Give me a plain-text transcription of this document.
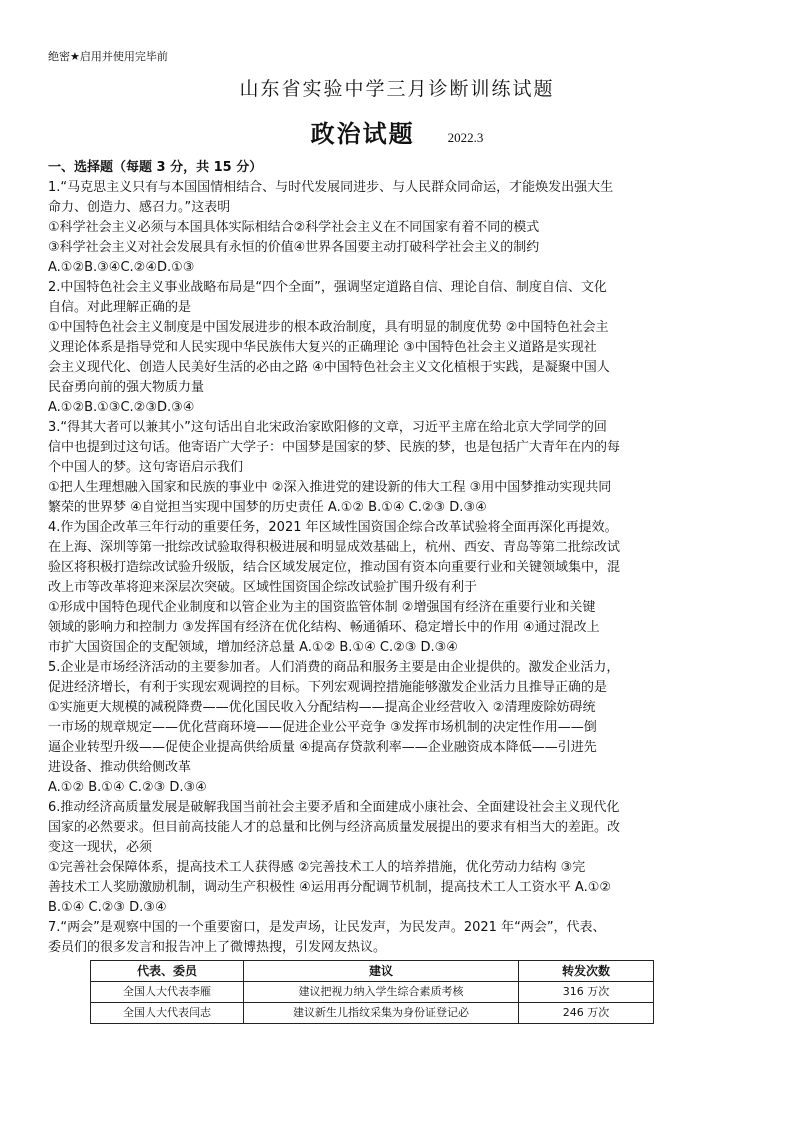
绝密★启用并使用完毕前
山东省实验中学三月诊断训练试题
政治试题	2022.3

一、选择题（每题 3 分，共 15 分）

1.“马克思主义只有与本国国情相结合、与时代发展同进步、与人民群众同命运，才能焕发出强大生

命力、创造力、感召力。”这表明

①科学社会主义必须与本国具体实际相结合②科学社会主义在不同国家有着不同的模式

③科学社会主义对社会发展具有永恒的价值④世界各国要主动打破科学社会主义的制约

A.①②B.③④C.②④D.①③

2.中国特色社会主义事业战略布局是“四个全面”，强调坚定道路自信、理论自信、制度自信、文化

自信。对此理解正确的是

①中国特色社会主义制度是中国发展进步的根本政治制度，具有明显的制度优势 ②中国特色社会主

义理论体系是指导党和人民实现中华民族伟大复兴的正确理论 ③中国特色社会主义道路是实现社

会主义现代化、创造人民美好生活的必由之路 ④中国特色社会主义文化植根于实践，是凝聚中国人

民奋勇向前的强大物质力量

A.①②B.①③C.②③D.③④

3.“得其大者可以兼其小”这句话出自北宋政治家欧阳修的文章，习近平主席在给北京大学同学的回

信中也提到过这句话。他寄语广大学子：中国梦是国家的梦、民族的梦，也是包括广大青年在内的每

个中国人的梦。这句寄语启示我们

①把人生理想融入国家和民族的事业中 ②深入推进党的建设新的伟大工程 ③用中国梦推动实现共同

繁荣的世界梦 ④自觉担当实现中国梦的历史责任 A.①② B.①④ C.②③ D.③④

4.作为国企改革三年行动的重要任务，2021 年区域性国资国企综合改革试验将全面再深化再提效。

在上海、深圳等第一批综改试验取得积极进展和明显成效基础上，杭州、西安、青岛等第二批综改试

验区将积极打造综改试验升级版，结合区域发展定位，推动国有资本向重要行业和关键领域集中，混

改上市等改革将迎来深层次突破。区域性国资国企综改试验扩围升级有利于

①形成中国特色现代企业制度和以管企业为主的国资监管体制 ②增强国有经济在重要行业和关键

领域的影响力和控制力 ③发挥国有经济在优化结构、畅通循环、稳定增长中的作用 ④通过混改上

市扩大国资国企的支配领域，增加经济总量 A.①② B.①④ C.②③ D.③④

5.企业是市场经济活动的主要参加者。人们消费的商品和服务主要是由企业提供的。激发企业活力，

促进经济增长，有利于实现宏观调控的目标。下列宏观调控措施能够激发企业活力且推导正确的是

①实施更大规模的减税降费——优化国民收入分配结构——提高企业经营收入 ②清理废除妨碍统

一市场的规章规定——优化营商环境——促进企业公平竞争 ③发挥市场机制的决定性作用——倒

逼企业转型升级——促使企业提高供给质量 ④提高存贷款利率——企业融资成本降低——引进先

进设备、推动供给侧改革

A.①② B.①④ C.②③ D.③④

6.推动经济高质量发展是破解我国当前社会主要矛盾和全面建成小康社会、全面建设社会主义现代化

国家的必然要求。但目前高技能人才的总量和比例与经济高质量发展提出的要求有相当大的差距。改

变这一现状，必须

①完善社会保障体系，提高技术工人获得感 ②完善技术工人的培养措施，优化劳动力结构 ③完

善技术工人奖励激励机制，调动生产积极性 ④运用再分配调节机制，提高技术工人工资水平 A.①②

B.①④ C.②③ D.③④

7.“两会”是观察中国的一个重要窗口，是发声场，让民发声，为民发声。2021 年“两会”，代表、

委员们的很多发言和报告冲上了微博热搜，引发网友热议。

代表、委员	建议	转发次数
全国人大代表李雁	建议把视力纳入学生综合素质考核	316 万次
全国人大代表闫志	建议新生儿指纹采集为身份证登记必	246 万次
